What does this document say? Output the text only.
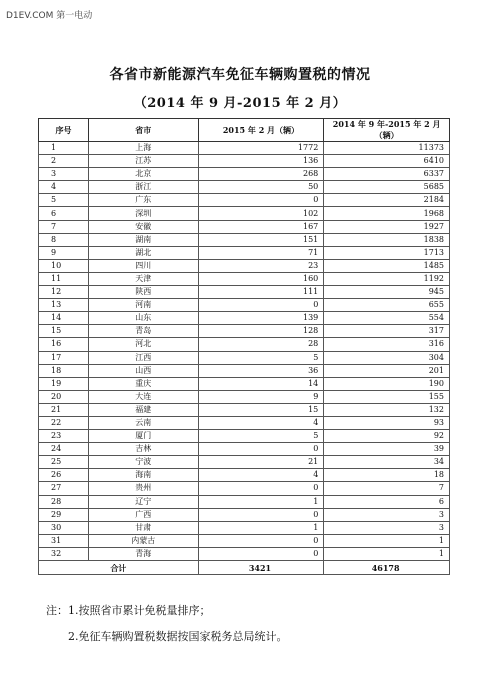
D1EV.COM 第一电动
各省市新能源汽车免征车辆购置税的情况
（2014 年 9 月-2015 年 2 月）
序号	省市	2015 年 2 月（辆）	2014 年 9 年-2015 年 2 月（辆）
1	上海	1772	11373
2	江苏	136	6410
3	北京	268	6337
4	浙江	50	5685
5	广东	0	2184
6	深圳	102	1968
7	安徽	167	1927
8	湖南	151	1838
9	湖北	71	1713
10	四川	23	1485
11	天津	160	1192
12	陕西	111	945
13	河南	0	655
14	山东	139	554
15	青岛	128	317
16	河北	28	316
17	江西	5	304
18	山西	36	201
19	重庆	14	190
20	大连	9	155
21	福建	15	132
22	云南	4	93
23	厦门	5	92
24	吉林	0	39
25	宁波	21	34
26	海南	4	18
27	贵州	0	7
28	辽宁	1	6
29	广西	0	3
30	甘肃	1	3
31	内蒙古	0	1
32	青海	0	1
合计		3421	46178
注：1.按照省市累计免税量排序；
2.免征车辆购置税数据按国家税务总局统计。
